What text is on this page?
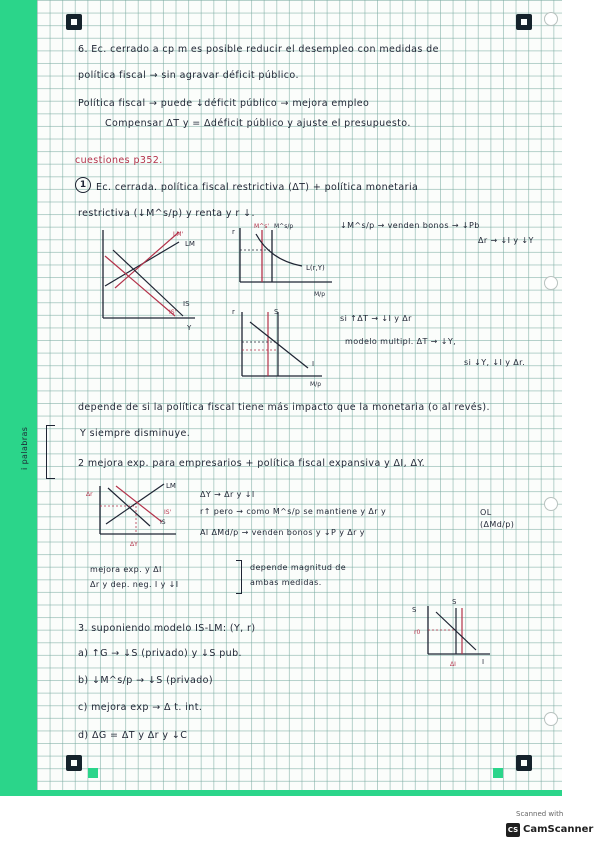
6. Ec. cerrado a cp m es posible reducir el desempleo con medidas de
política fiscal → sin agravar déficit público.
Política fiscal → puede ↓déficit público → mejora empleo
Compensar ΔT y = Δdéficit público y ajuste el presupuesto.
cuestiones p352.
1	Ec. cerrada. política fiscal restrictiva (ΔT) + política monetaria
restrictiva (↓M^s/p) y renta y r ↓.
↓M^s/p → venden bonos → ↓Pb
Δr → ↓I y ↓Y
si ↑ΔT → ↓I y Δr
modelo multipl. ΔT → ↓Y,
si ↓Y, ↓I y Δr.
depende de si la política fiscal tiene más impacto que la monetaria (o al revés).
Y siempre disminuye.
i palabras	2 mejora exp. para empresarios + política fiscal expansiva y ΔI, ΔY.
ΔY → Δr y ↓I
r↑ pero → como M^s/p se mantiene y Δr y
Al ΔMd/p → venden bonos y ↓P y Δr y
OL
(ΔMd/p)
mejora exp. y ΔI
Δr y dep. neg. I y ↓I
depende magnitud de
ambas medidas.
3. suponiendo modelo IS-LM: (Y, r)
a) ↑G → ↓S (privado) y ↓S pub.
b) ↓M^s/p → ↓S (privado)
c) mejora exp → Δ t. int.
d) ΔG = ΔT y Δr y ↓C
LM'
LM
IS
IS'
Y
r
M^s' M^s/p
L(r,Y)
M/p
r	S
I
M/p
Δr
LM
IS'
IS
ΔY
S
S
r0
ΔI	I
Scanned with
CS CamScanner
